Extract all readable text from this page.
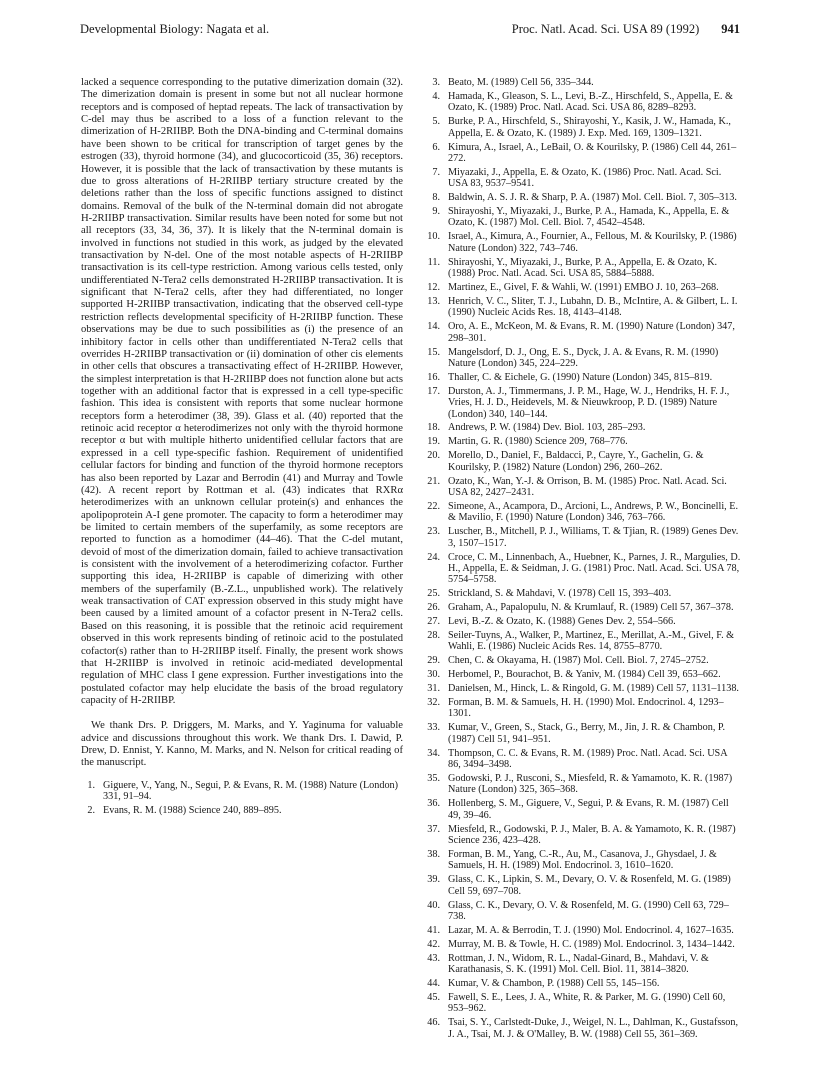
Developmental Biology: Nagata et al.	Proc. Natl. Acad. Sci. USA 89 (1992) 941

lacked a sequence corresponding to the putative dimerization domain (32). The dimerization domain is present in some but not all nuclear hormone receptors and is composed of heptad repeats. The lack of transactivation by C-del may thus be ascribed to a loss of a function relevant to the dimerization of H-2RIIBP. Both the DNA-binding and C-terminal domains have been shown to be critical for transcription of target genes by the estrogen (33), thyroid hormone (34), and glucocorticoid (35, 36) receptors. However, it is possible that the lack of transactivation by these mutants is due to gross alterations of H-2RIIBP tertiary structure created by the deletions rather than the loss of specific functions assigned to distinct domains. Removal of the bulk of the N-terminal domain did not abrogate H-2RIIBP transactivation. Similar results have been noted for some but not all receptors (33, 34, 36, 37). It is likely that the N-terminal domain is involved in functions not studied in this work, as judged by the elevated transactivation by N-del. One of the most notable aspects of H-2RIIBP transactivation is its cell-type restriction. Among various cells tested, only undifferentiated N-Tera2 cells demonstrated H-2RIIBP transactivation. It is significant that N-Tera2 cells, after they had differentiated, no longer supported H-2RIIBP transactivation, indicating that the observed cell-type restriction reflects developmental specificity of H-2RIIBP function. These observations may be due to such possibilities as (i) the presence of an inhibitory factor in cells other than undifferentiated N-Tera2 cells that overrides H-2RIIBP transactivation or (ii) domination of other cis elements in other cells that obscures a transactivating effect of H-2RIIBP. However, the simplest interpretation is that H-2RIIBP does not function alone but acts together with an additional factor that is expressed in a cell type-specific fashion. This idea is consistent with reports that some nuclear hormone receptors form a heterodimer (38, 39). Glass et al. (40) reported that the retinoic acid receptor α heterodimerizes not only with the thyroid hormone receptor α but with multiple hitherto unidentified cellular factors that are expressed in a cell type-specific fashion. Requirement of unidentified cellular factors for binding and function of the thyroid hormone receptors has also been reported by Lazar and Berrodin (41) and Murray and Towle (42). A recent report by Rottman et al. (43) indicates that RXRα heterodimerizes with an unknown cellular protein(s) and enhances the apolipoprotein A-I gene promoter. The capacity to form a heterodimer may be limited to certain members of the superfamily, as some receptors are reported to function as a homodimer (44–46). That the C-del mutant, devoid of most of the dimerization domain, failed to achieve transactivation is consistent with the involvement of a heterodimerizing cofactor. Further supporting this idea, H-2RIIBP is capable of dimerizing with other members of the superfamily (B.-Z.L., unpublished work). The relatively weak transactivation of CAT expression observed in this study might have been caused by a limited amount of a cofactor present in N-Tera2 cells. Based on this reasoning, it is possible that the retinoic acid requirement observed in this work represents binding of retinoic acid to the postulated cofactor(s) rather than to H-2RIIBP itself. Finally, the present work shows that H-2RIIBP is involved in retinoic acid-mediated developmental regulation of MHC class I gene expression. Further investigations into the postulated cofactor may help elucidate the basis of the broad regulatory capacity of H-2RIIBP.

We thank Drs. P. Driggers, M. Marks, and Y. Yaginuma for valuable advice and discussions throughout this work. We thank Drs. I. Dawid, P. Drew, D. Ennist, Y. Kanno, M. Marks, and N. Nelson for critical reading of the manuscript.

1. Giguere, V., Yang, N., Segui, P. & Evans, R. M. (1988) Nature (London) 331, 91–94.
2. Evans, R. M. (1988) Science 240, 889–895.
3. Beato, M. (1989) Cell 56, 335–344.
4. Hamada, K., Gleason, S. L., Levi, B.-Z., Hirschfeld, S., Appella, E. & Ozato, K. (1989) Proc. Natl. Acad. Sci. USA 86, 8289–8293.
5. Burke, P. A., Hirschfeld, S., Shirayoshi, Y., Kasik, J. W., Hamada, K., Appella, E. & Ozato, K. (1989) J. Exp. Med. 169, 1309–1321.
6. Kimura, A., Israel, A., LeBail, O. & Kourilsky, P. (1986) Cell 44, 261–272.
7. Miyazaki, J., Appella, E. & Ozato, K. (1986) Proc. Natl. Acad. Sci. USA 83, 9537–9541.
8. Baldwin, A. S. J. R. & Sharp, P. A. (1987) Mol. Cell. Biol. 7, 305–313.
9. Shirayoshi, Y., Miyazaki, J., Burke, P. A., Hamada, K., Appella, E. & Ozato, K. (1987) Mol. Cell. Biol. 7, 4542–4548.
10. Israel, A., Kimura, A., Fournier, A., Fellous, M. & Kourilsky, P. (1986) Nature (London) 322, 743–746.
11. Shirayoshi, Y., Miyazaki, J., Burke, P. A., Appella, E. & Ozato, K. (1988) Proc. Natl. Acad. Sci. USA 85, 5884–5888.
12. Martinez, E., Givel, F. & Wahli, W. (1991) EMBO J. 10, 263–268.
13. Henrich, V. C., Sliter, T. J., Lubahn, D. B., McIntire, A. & Gilbert, L. I. (1990) Nucleic Acids Res. 18, 4143–4148.
14. Oro, A. E., McKeon, M. & Evans, R. M. (1990) Nature (London) 347, 298–301.
15. Mangelsdorf, D. J., Ong, E. S., Dyck, J. A. & Evans, R. M. (1990) Nature (London) 345, 224–229.
16. Thaller, C. & Eichele, G. (1990) Nature (London) 345, 815–819.
17. Durston, A. J., Timmermans, J. P. M., Hage, W. J., Hendriks, H. F. J., Vries, H. J. D., Heidevels, M. & Nieuwkroop, P. D. (1989) Nature (London) 340, 140–144.
18. Andrews, P. W. (1984) Dev. Biol. 103, 285–293.
19. Martin, G. R. (1980) Science 209, 768–776.
20. Morello, D., Daniel, F., Baldacci, P., Cayre, Y., Gachelin, G. & Kourilsky, P. (1982) Nature (London) 296, 260–262.
21. Ozato, K., Wan, Y.-J. & Orrison, B. M. (1985) Proc. Natl. Acad. Sci. USA 82, 2427–2431.
22. Simeone, A., Acampora, D., Arcioni, L., Andrews, P. W., Boncinelli, E. & Mavilio, F. (1990) Nature (London) 346, 763–766.
23. Luscher, B., Mitchell, P. J., Williams, T. & Tjian, R. (1989) Genes Dev. 3, 1507–1517.
24. Croce, C. M., Linnenbach, A., Huebner, K., Parnes, J. R., Margulies, D. H., Appella, E. & Seidman, J. G. (1981) Proc. Natl. Acad. Sci. USA 78, 5754–5758.
25. Strickland, S. & Mahdavi, V. (1978) Cell 15, 393–403.
26. Graham, A., Papalopulu, N. & Krumlauf, R. (1989) Cell 57, 367–378.
27. Levi, B.-Z. & Ozato, K. (1988) Genes Dev. 2, 554–566.
28. Seiler-Tuyns, A., Walker, P., Martinez, E., Merillat, A.-M., Givel, F. & Wahli, E. (1986) Nucleic Acids Res. 14, 8755–8770.
29. Chen, C. & Okayama, H. (1987) Mol. Cell. Biol. 7, 2745–2752.
30. Herbomel, P., Bourachot, B. & Yaniv, M. (1984) Cell 39, 653–662.
31. Danielsen, M., Hinck, L. & Ringold, G. M. (1989) Cell 57, 1131–1138.
32. Forman, B. M. & Samuels, H. H. (1990) Mol. Endocrinol. 4, 1293–1301.
33. Kumar, V., Green, S., Stack, G., Berry, M., Jin, J. R. & Chambon, P. (1987) Cell 51, 941–951.
34. Thompson, C. C. & Evans, R. M. (1989) Proc. Natl. Acad. Sci. USA 86, 3494–3498.
35. Godowski, P. J., Rusconi, S., Miesfeld, R. & Yamamoto, K. R. (1987) Nature (London) 325, 365–368.
36. Hollenberg, S. M., Giguere, V., Segui, P. & Evans, R. M. (1987) Cell 49, 39–46.
37. Miesfeld, R., Godowski, P. J., Maler, B. A. & Yamamoto, K. R. (1987) Science 236, 423–428.
38. Forman, B. M., Yang, C.-R., Au, M., Casanova, J., Ghysdael, J. & Samuels, H. H. (1989) Mol. Endocrinol. 3, 1610–1620.
39. Glass, C. K., Lipkin, S. M., Devary, O. V. & Rosenfeld, M. G. (1989) Cell 59, 697–708.
40. Glass, C. K., Devary, O. V. & Rosenfeld, M. G. (1990) Cell 63, 729–738.
41. Lazar, M. A. & Berrodin, T. J. (1990) Mol. Endocrinol. 4, 1627–1635.
42. Murray, M. B. & Towle, H. C. (1989) Mol. Endocrinol. 3, 1434–1442.
43. Rottman, J. N., Widom, R. L., Nadal-Ginard, B., Mahdavi, V. & Karathanasis, S. K. (1991) Mol. Cell. Biol. 11, 3814–3820.
44. Kumar, V. & Chambon, P. (1988) Cell 55, 145–156.
45. Fawell, S. E., Lees, J. A., White, R. & Parker, M. G. (1990) Cell 60, 953–962.
46. Tsai, S. Y., Carlstedt-Duke, J., Weigel, N. L., Dahlman, K., Gustafsson, J. A., Tsai, M. J. & O'Malley, B. W. (1988) Cell 55, 361–369.
